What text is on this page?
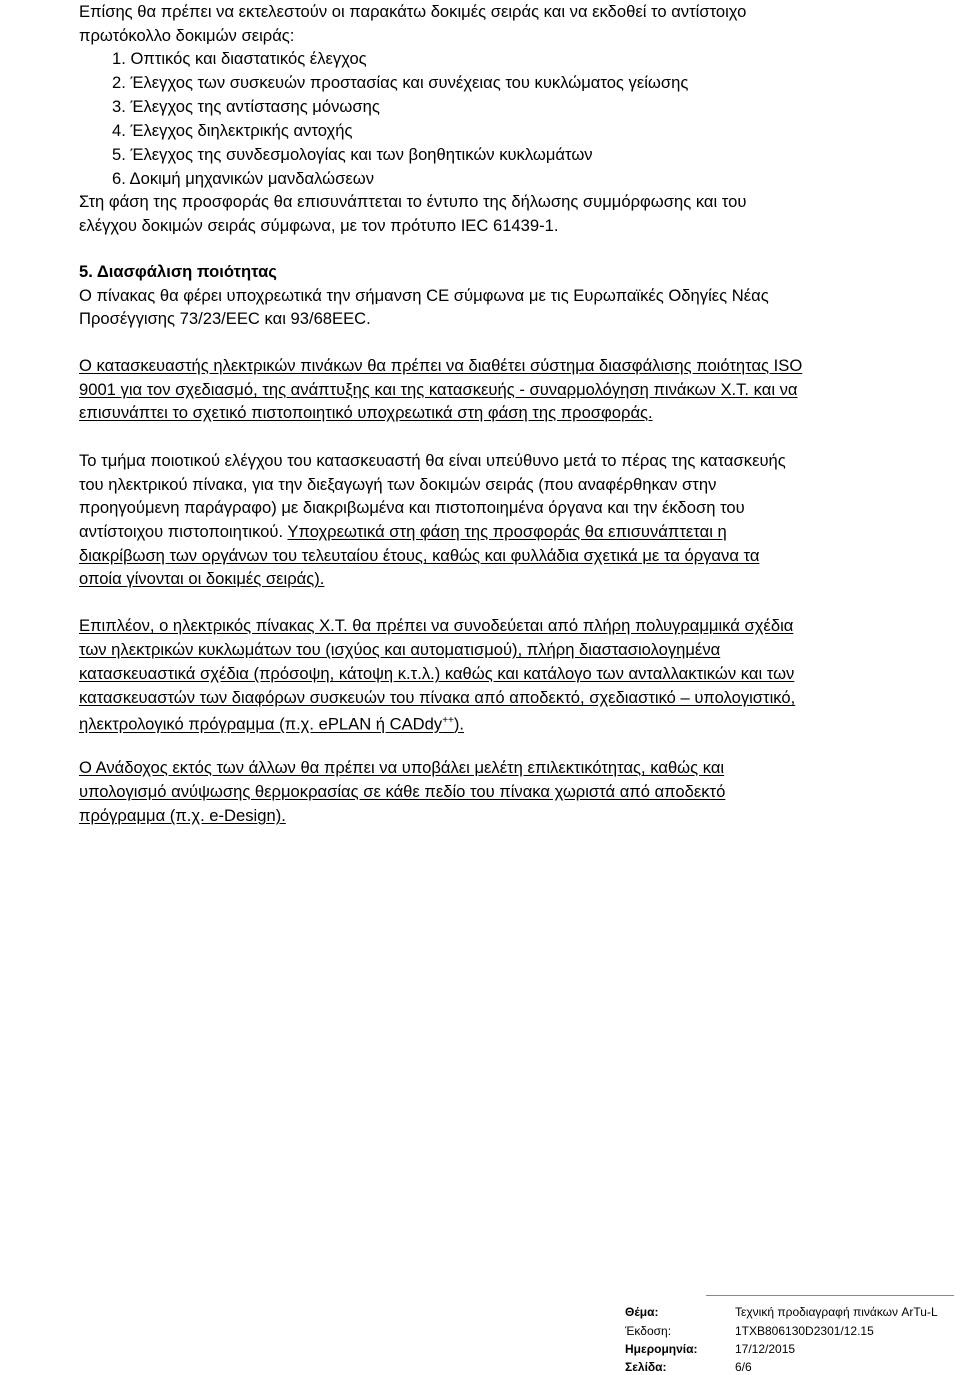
Επίσης θα πρέπει να εκτελεστούν οι παρακάτω δοκιμές σειράς και να εκδοθεί το αντίστοιχο
πρωτόκολλο δοκιμών σειράς:
1. Οπτικός και διαστατικός έλεγχος
2. Έλεγχος των συσκευών προστασίας και συνέχειας του κυκλώματος γείωσης
3. Έλεγχος της αντίστασης μόνωσης
4. Έλεγχος διηλεκτρικής αντοχής
5. Έλεγχος της συνδεσμολογίας και των βοηθητικών κυκλωμάτων
6. Δοκιμή μηχανικών μανδαλώσεων
Στη φάση της προσφοράς θα επισυνάπτεται το έντυπο της δήλωσης συμμόρφωσης και του
ελέγχου δοκιμών σειράς σύμφωνα, με τον πρότυπο IEC 61439-1.
5. Διασφάλιση ποιότητας
Ο πίνακας θα φέρει υποχρεωτικά την σήμανση CE σύμφωνα με τις Ευρωπαϊκές Οδηγίες Νέας
Προσέγγισης 73/23/EEC και 93/68EEC.
Ο κατασκευαστής ηλεκτρικών πινάκων θα πρέπει να διαθέτει σύστημα διασφάλισης ποιότητας ISO
9001 για τον σχεδιασμό, της ανάπτυξης και της κατασκευής - συναρμολόγηση πινάκων Χ.Τ. και να
επισυνάπτει το σχετικό πιστοποιητικό υποχρεωτικά στη φάση της προσφοράς.
Το τμήμα ποιοτικού ελέγχου του κατασκευαστή θα είναι υπεύθυνο μετά το πέρας της κατασκευής
του ηλεκτρικού πίνακα, για την διεξαγωγή των δοκιμών σειράς (που αναφέρθηκαν στην
προηγούμενη παράγραφο) με διακριβωμένα και πιστοποιημένα όργανα και την έκδοση του
αντίστοιχου πιστοποιητικού. Υποχρεωτικά στη φάση της προσφοράς θα επισυνάπτεται η
διακρίβωση των οργάνων του τελευταίου έτους, καθώς και φυλλάδια σχετικά με τα όργανα τα
οποία γίνονται οι δοκιμές σειράς).
Επιπλέον, ο ηλεκτρικός πίνακας Χ.Τ. θα πρέπει να συνοδεύεται από πλήρη πολυγραμμικά σχέδια
των ηλεκτρικών κυκλωμάτων του (ισχύος και αυτοματισμού), πλήρη διαστασιολογημένα
κατασκευαστικά σχέδια (πρόσοψη, κάτοψη κ.τ.λ.) καθώς και κατάλογο των ανταλλακτικών και των
κατασκευαστών των διαφόρων συσκευών του πίνακα από αποδεκτό, σχεδιαστικό – υπολογιστικό,
ηλεκτρολογικό πρόγραμμα (π.χ. ePLAN ή CADdy++).
Ο Ανάδοχος εκτός των άλλων θα πρέπει να υποβάλει μελέτη επιλεκτικότητας, καθώς και
υπολογισμό ανύψωσης θερμοκρασίας σε κάθε πεδίο του πίνακα χωριστά από αποδεκτό
πρόγραμμα (π.χ. e-Design).
Θέμα:	Τεχνική προδιαγραφή πινάκων ArTu-L
Έκδοση:	1TXB806130D2301/12.15
Ημερομηνία:	17/12/2015
Σελίδα:	6/6
